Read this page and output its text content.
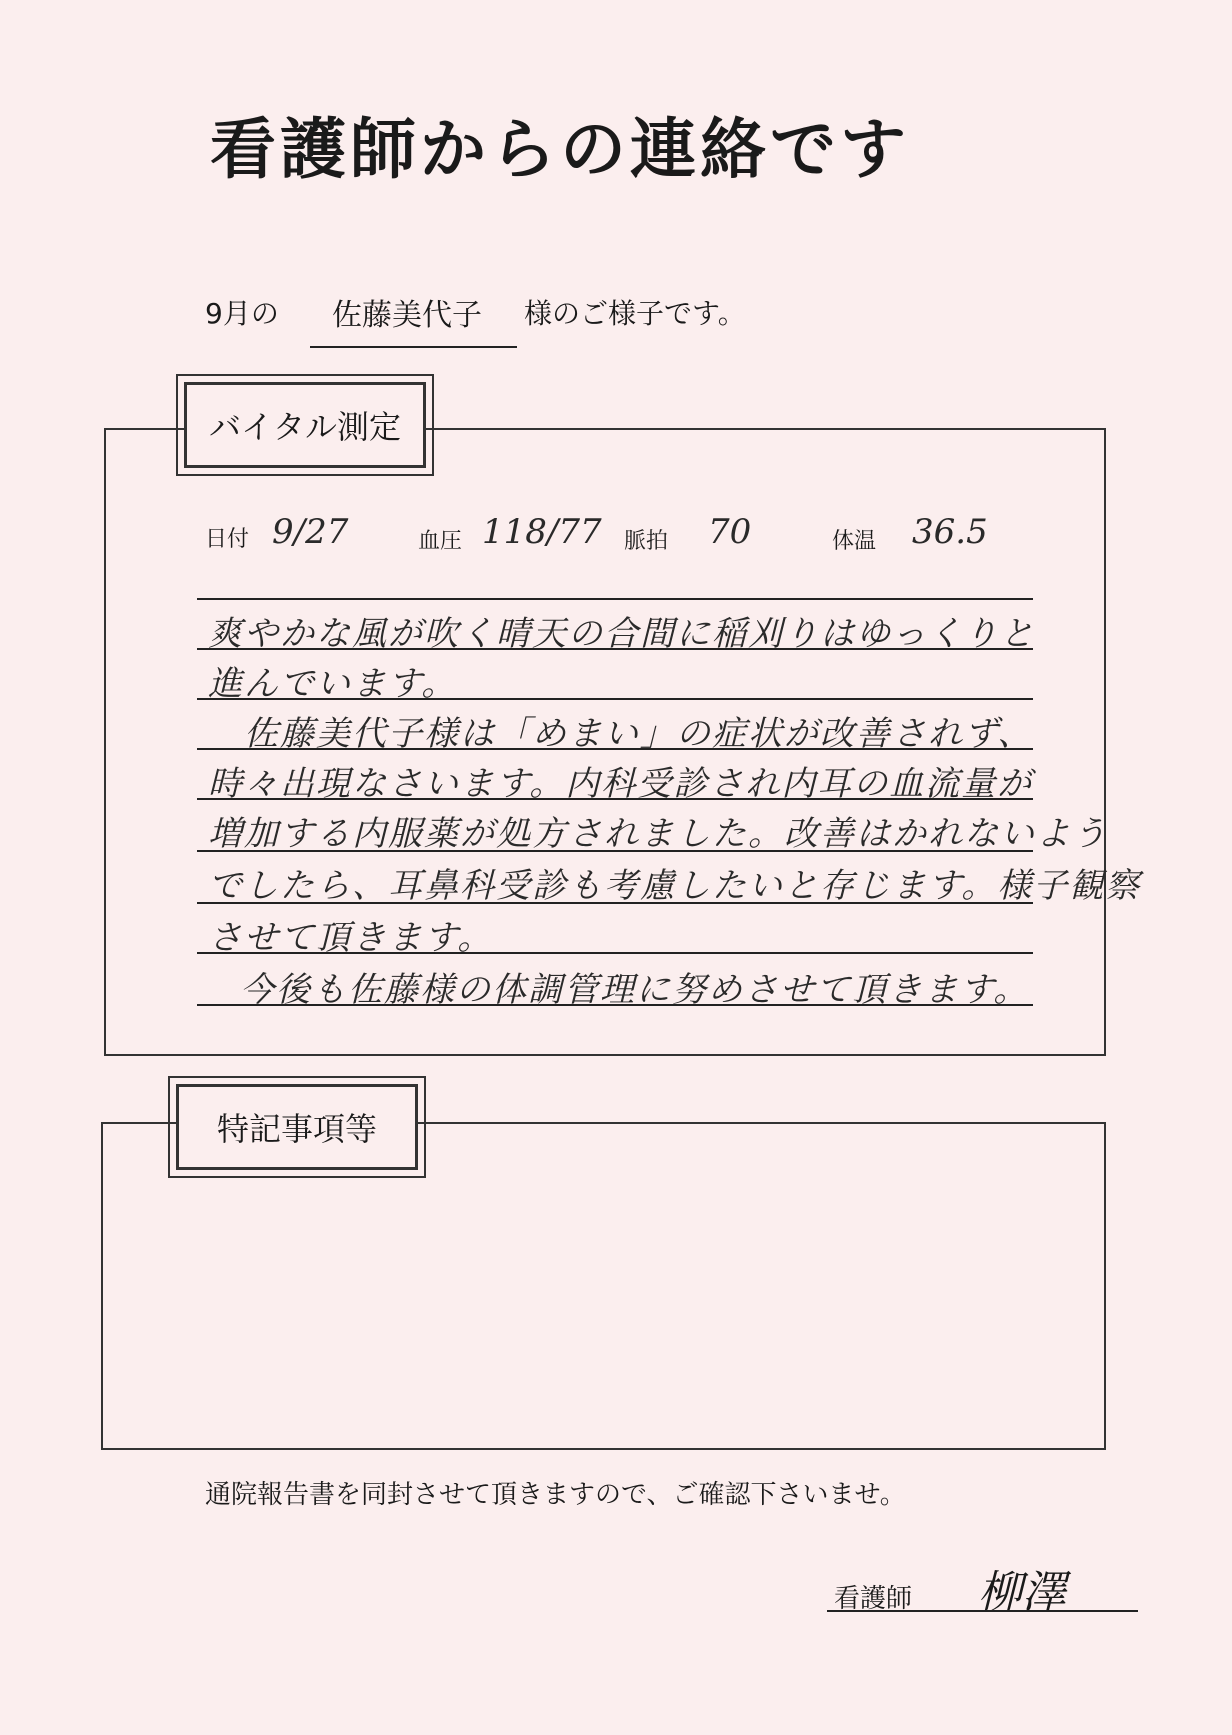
看護師からの連絡です
9月の 佐藤美代子 様のご様子です。
バイタル測定
日付 9/27	血圧 118/77 脈拍 70	体温 36.5
爽やかな風が吹く晴天の合間に稲刈りはゆっくりと
進んでいます。
佐藤美代子様は「めまい」の症状が改善されず、
時々出現なさいます。内科受診され内耳の血流量が
増加する内服薬が処方されました。改善はかれないよう
でしたら、耳鼻科受診も考慮したいと存じます。様子観察
させて頂きます。
今後も佐藤様の体調管理に努めさせて頂きます。
特記事項等
通院報告書を同封させて頂きますので、ご確認下さいませ。
看護師 柳澤
